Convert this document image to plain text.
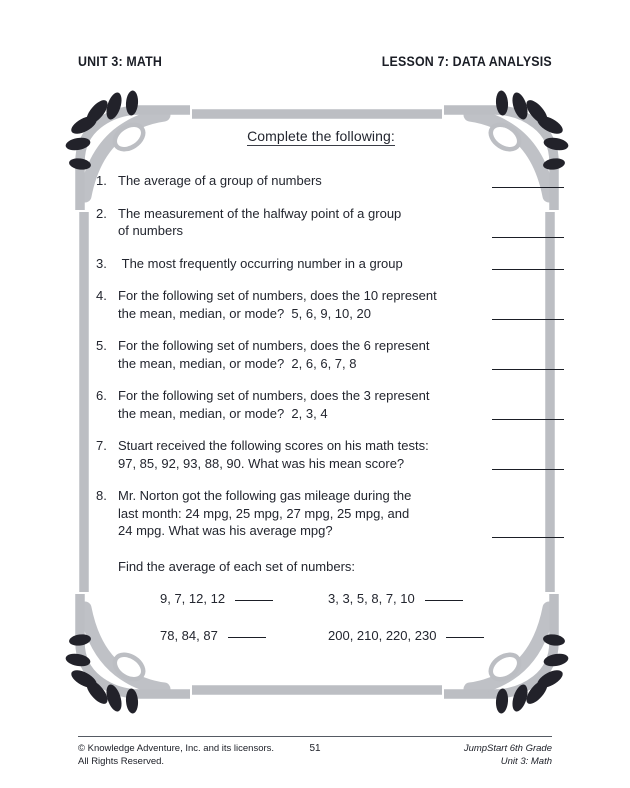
UNIT 3: MATH	LESSON 7: DATA ANALYSIS
Complete the following:
1. The average of a group of numbers
2. The measurement of the halfway point of a group
of numbers
3. The most frequently occurring number in a group
4. For the following set of numbers, does the 10 represent
the mean, median, or mode?  5, 6, 9, 10, 20
5. For the following set of numbers, does the 6 represent
the mean, median, or mode?  2, 6, 6, 7, 8
6. For the following set of numbers, does the 3 represent
the mean, median, or mode?  2, 3, 4
7. Stuart received the following scores on his math tests:
97, 85, 92, 93, 88, 90. What was his mean score?
8. Mr. Norton got the following gas mileage during the
last month: 24 mpg, 25 mpg, 27 mpg, 25 mpg, and
24 mpg. What was his average mpg?
Find the average of each set of numbers:
9, 7, 12, 12	3, 3, 5, 8, 7, 10
78, 84, 87	200, 210, 220, 230
© Knowledge Adventure, Inc. and its licensors.
All Rights Reserved.
51	JumpStart 6th Grade
Unit 3: Math
